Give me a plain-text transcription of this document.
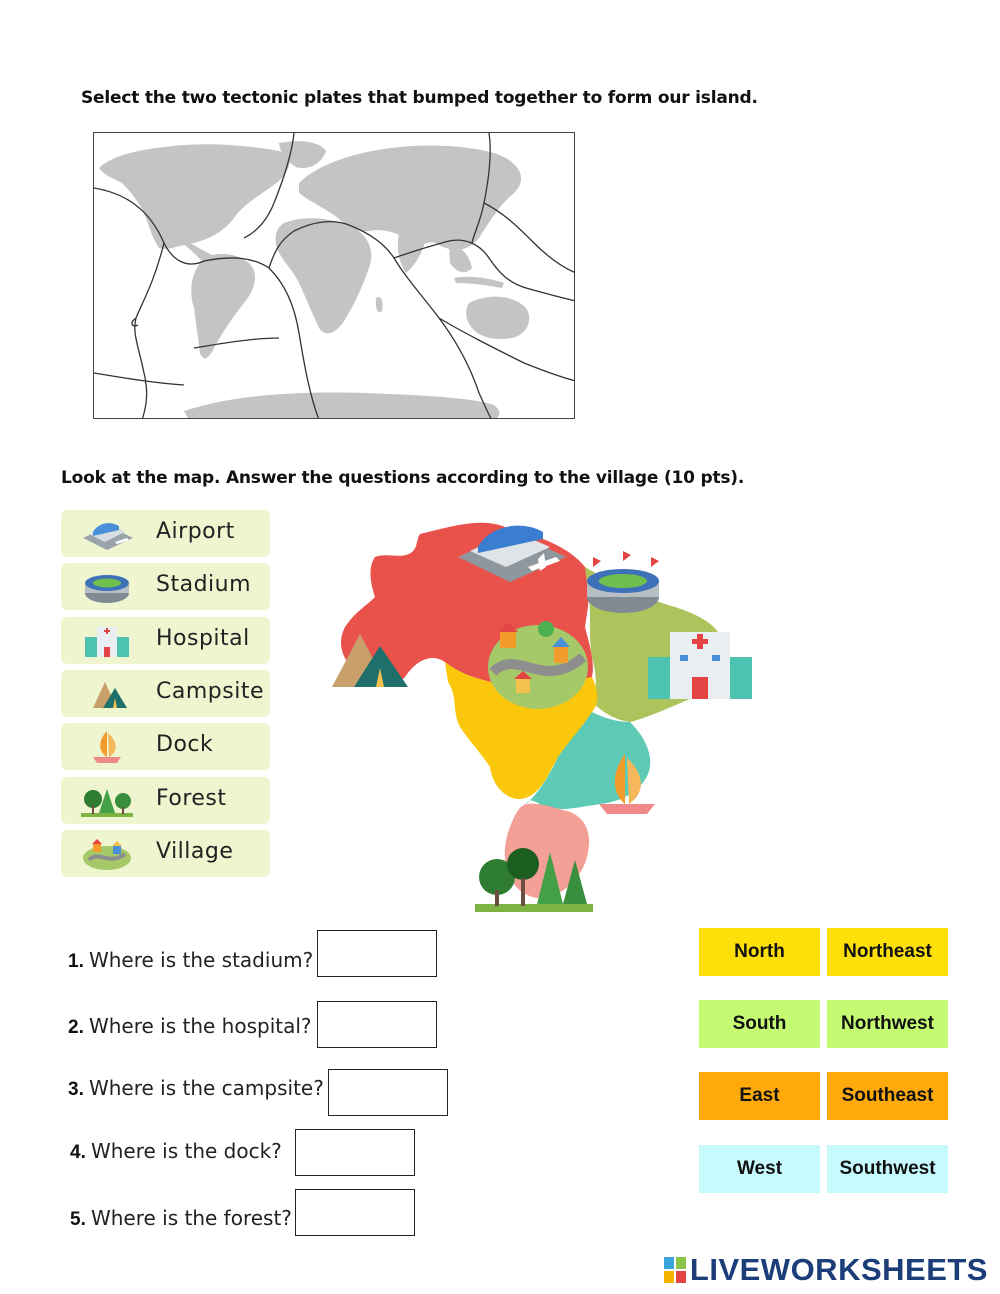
Select the two tectonic plates that bumped together to form our island.
Look at the map. Answer the questions according to the village (10 pts).
Airport
Stadium
Hospital
Campsite
Dock
Forest
Village
1. Where is the stadium?
2. Where is the hospital?
3. Where is the campsite?
4. Where is the dock?
5. Where is the forest?
North	Northeast
South	Northwest
East	Southeast
West	Southwest
LIVEWORKSHEETS
